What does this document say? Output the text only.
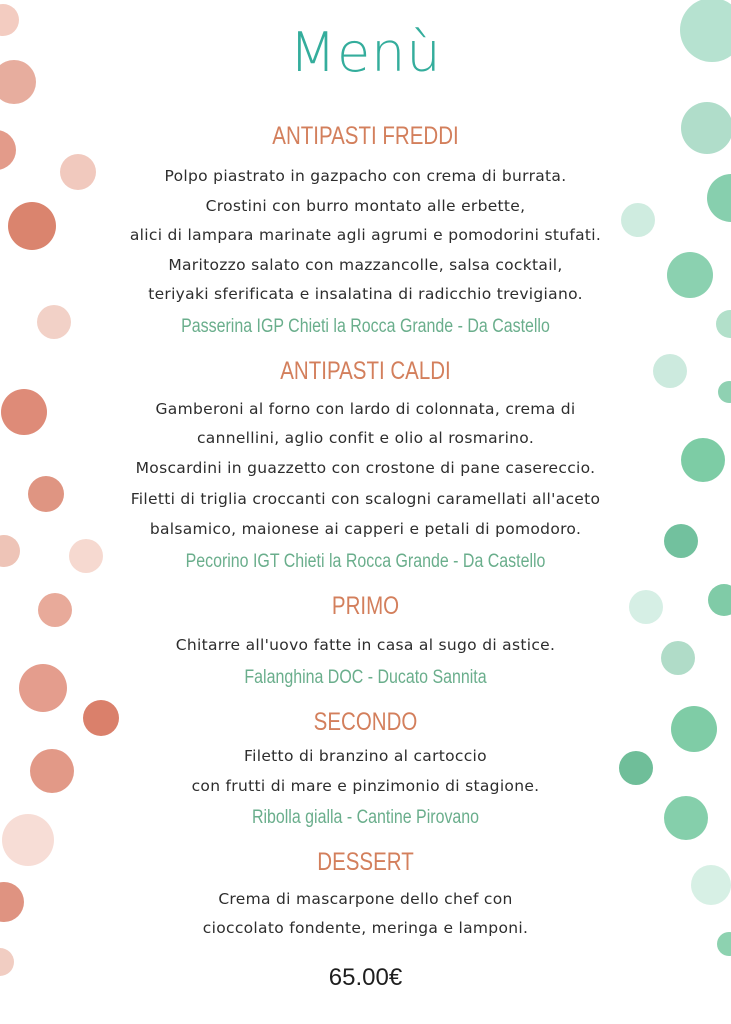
Menù
ANTIPASTI FREDDI
Polpo piastrato in gazpacho con crema di burrata.
Crostini con burro montato alle erbette,
alici di lampara marinate agli agrumi e pomodorini stufati.
Maritozzo salato con mazzancolle, salsa cocktail,
teriyaki sferificata e insalatina di radicchio trevigiano.
Passerina IGP Chieti la Rocca Grande - Da Castello
ANTIPASTI CALDI
Gamberoni al forno con lardo di colonnata, crema di
cannellini, aglio confit e olio al rosmarino.
Moscardini in guazzetto con crostone di pane casereccio.
Filetti di triglia croccanti con scalogni caramellati all'aceto
balsamico, maionese ai capperi e petali di pomodoro.
Pecorino IGT Chieti la Rocca Grande - Da Castello
PRIMO
Chitarre all'uovo fatte in casa al sugo di astice.
Falanghina DOC - Ducato Sannita
SECONDO
Filetto di branzino al cartoccio
con frutti di mare e pinzimonio di stagione.
Ribolla gialla - Cantine Pirovano
DESSERT
Crema di mascarpone dello chef con
cioccolato fondente, meringa e lamponi.
65.00€
